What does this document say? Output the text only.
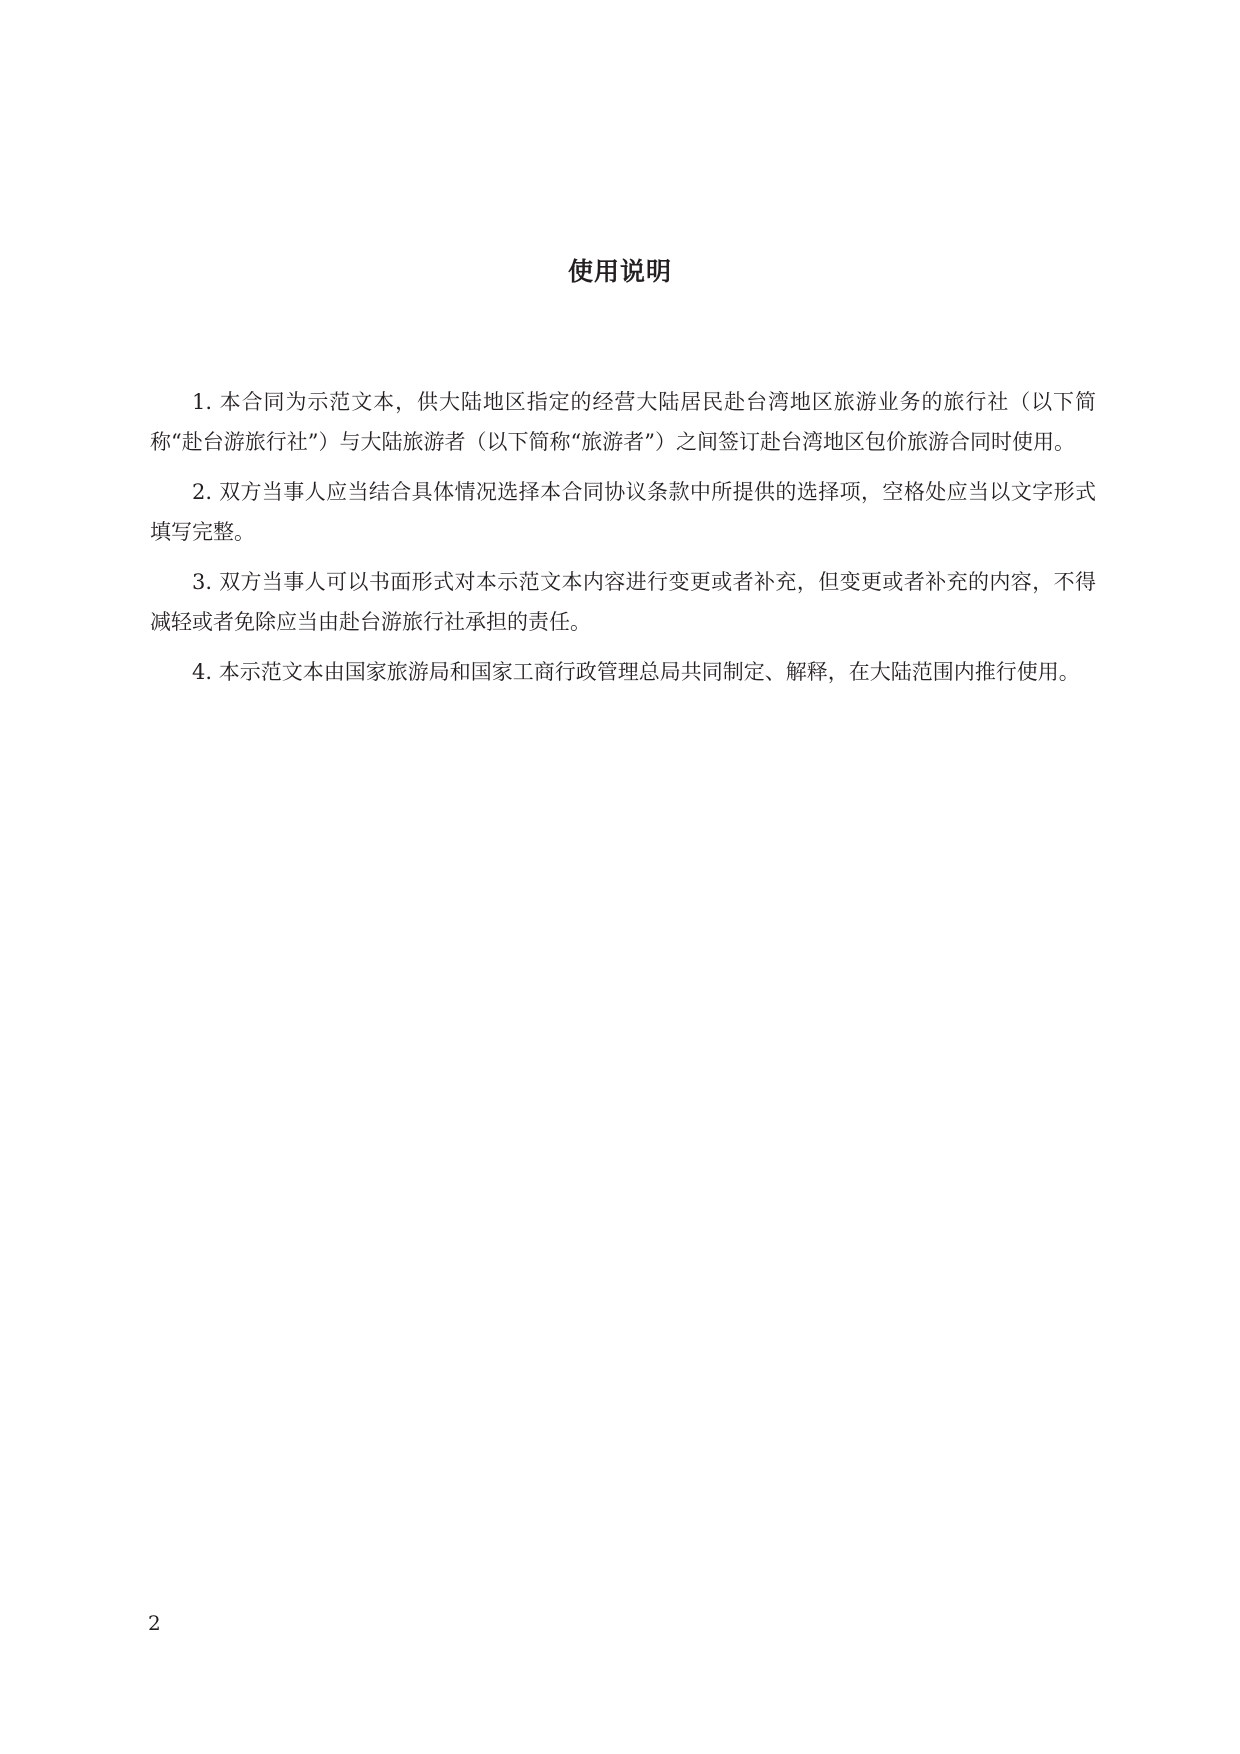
使用说明

1. 本合同为示范文本，供大陆地区指定的经营大陆居民赴台湾地区旅游业务的旅行社（以下简称“赴台游旅行社”）与大陆旅游者（以下简称“旅游者”）之间签订赴台湾地区包价旅游合同时使用。

2. 双方当事人应当结合具体情况选择本合同协议条款中所提供的选择项，空格处应当以文字形式填写完整。

3. 双方当事人可以书面形式对本示范文本内容进行变更或者补充，但变更或者补充的内容，不得减轻或者免除应当由赴台游旅行社承担的责任。

4. 本示范文本由国家旅游局和国家工商行政管理总局共同制定、解释，在大陆范围内推行使用。

2
